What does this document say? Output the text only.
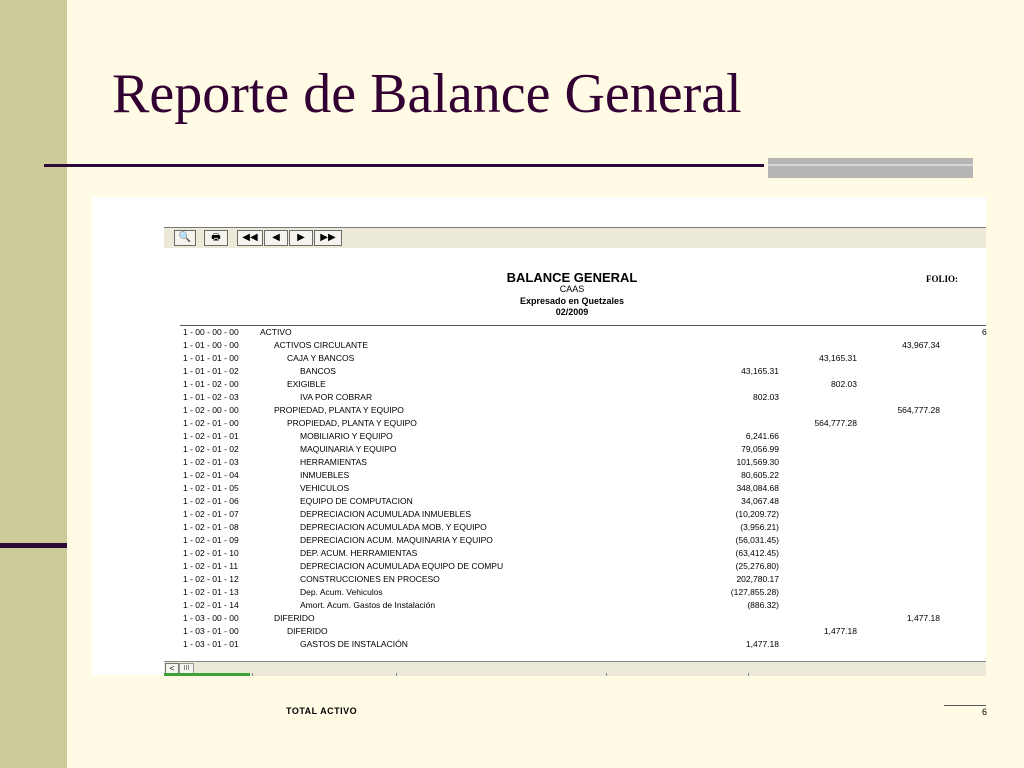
Reporte de Balance General
🔍	🖶	◀◀	◀	▶	▶▶
BALANCE GENERAL
CAAS
Expresado en Quetzales
02/2009
FOLIO:
1 - 00 - 00 - 00 ACTIVO	6
1 - 01 - 00 - 00	ACTIVOS CIRCULANTE	43,967.34
1 - 01 - 01 - 00	CAJA Y BANCOS	43,165.31
1 - 01 - 01 - 02	BANCOS	43,165.31
1 - 01 - 02 - 00	EXIGIBLE	802.03
1 - 01 - 02 - 03	IVA POR COBRAR	802.03
1 - 02 - 00 - 00	PROPIEDAD, PLANTA Y EQUIPO	564,777.28
1 - 02 - 01 - 00	PROPIEDAD, PLANTA Y EQUIPO	564,777.28
1 - 02 - 01 - 01	MOBILIARIO Y EQUIPO	6,241.66
1 - 02 - 01 - 02	MAQUINARIA Y EQUIPO	79,056.99
1 - 02 - 01 - 03	HERRAMIENTAS	101,569.30
1 - 02 - 01 - 04	INMUEBLES	80,605.22
1 - 02 - 01 - 05	VEHICULOS	348,084.68
1 - 02 - 01 - 06	EQUIPO DE COMPUTACION	34,067.48
1 - 02 - 01 - 07	DEPRECIACION ACUMULADA INMUEBLES	(10,209.72)
1 - 02 - 01 - 08	DEPRECIACION ACUMULADA MOB. Y EQUIPO	(3,956.21)
1 - 02 - 01 - 09	DEPRECIACION ACUM. MAQUINARIA Y EQUIPO	(56,031.45)
1 - 02 - 01 - 10	DEP. ACUM. HERRAMIENTAS	(63,412.45)
1 - 02 - 01 - 11	DEPRECIACION ACUMULADA EQUIPO DE COMPU	(25,276.80)
1 - 02 - 01 - 12	CONSTRUCCIONES EN PROCESO	202,780.17
1 - 02 - 01 - 13	Dep. Acum. Vehiculos	(127,855.28)
1 - 02 - 01 - 14	Amort. Acum. Gastos de Instalación	(886.32)
1 - 03 - 00 - 00	DIFERIDO	1,477.18
1 - 03 - 01 - 00	DIFERIDO	1,477.18
1 - 03 - 01 - 01	GASTOS DE INSTALACIÓN	1,477.18
TOTAL ACTIVO	6
<	III
